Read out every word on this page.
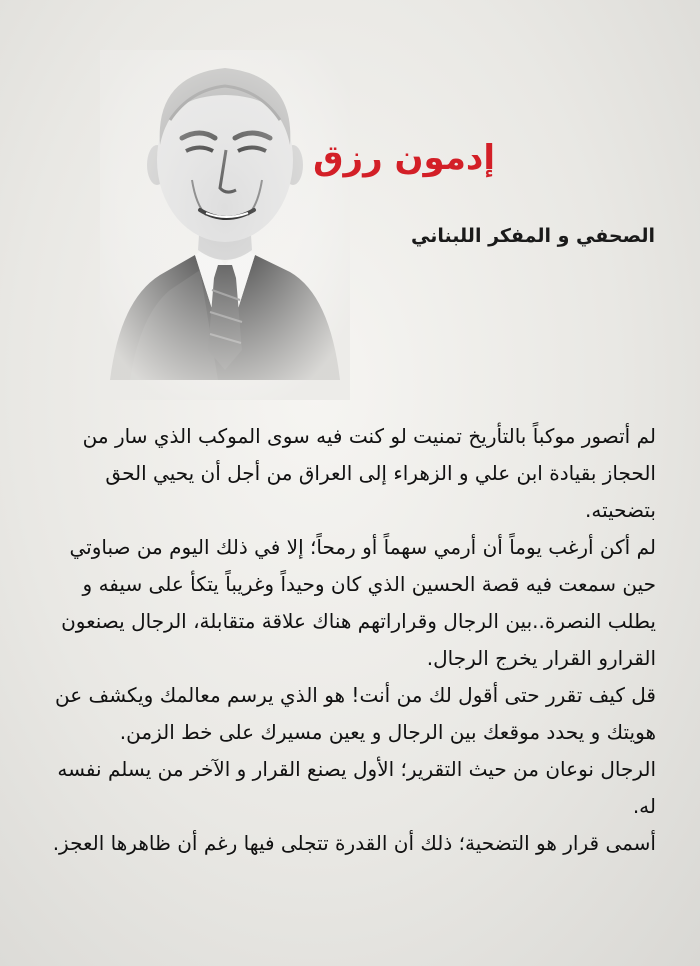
إدمون رزق
الصحفي و المفكر اللبناني

لم أتصور موكباً بالتأريخ تمنيت لو كنت فيه سوى الموكب الذي سار من الحجاز بقيادة ابن علي و الزهراء إلى العراق من أجل أن يحيي الحق بتضحيته.

لم أكن أرغب يوماً أن أرمي سهماً أو رمحاً؛ إلا في ذلك اليوم من صباوتي حين سمعت فيه قصة الحسين الذي كان وحيداً وغريباً يتكأ على سيفه و يطلب النصرة..بين الرجال وقراراتهم هناك علاقة متقابلة، الرجال يصنعون القرارو القرار يخرج الرجال.

قل كيف تقرر حتى أقول لك من أنت! هو الذي يرسم معالمك ويكشف عن هويتك و يحدد موقعك بين الرجال و يعين مسيرك على خط الزمن.

الرجال نوعان من حيث التقرير؛ الأول يصنع القرار و الآخر من يسلم نفسه له.

أسمى قرار هو التضحية؛ ذلك أن القدرة تتجلى فيها رغم أن ظاهرها العجز.
